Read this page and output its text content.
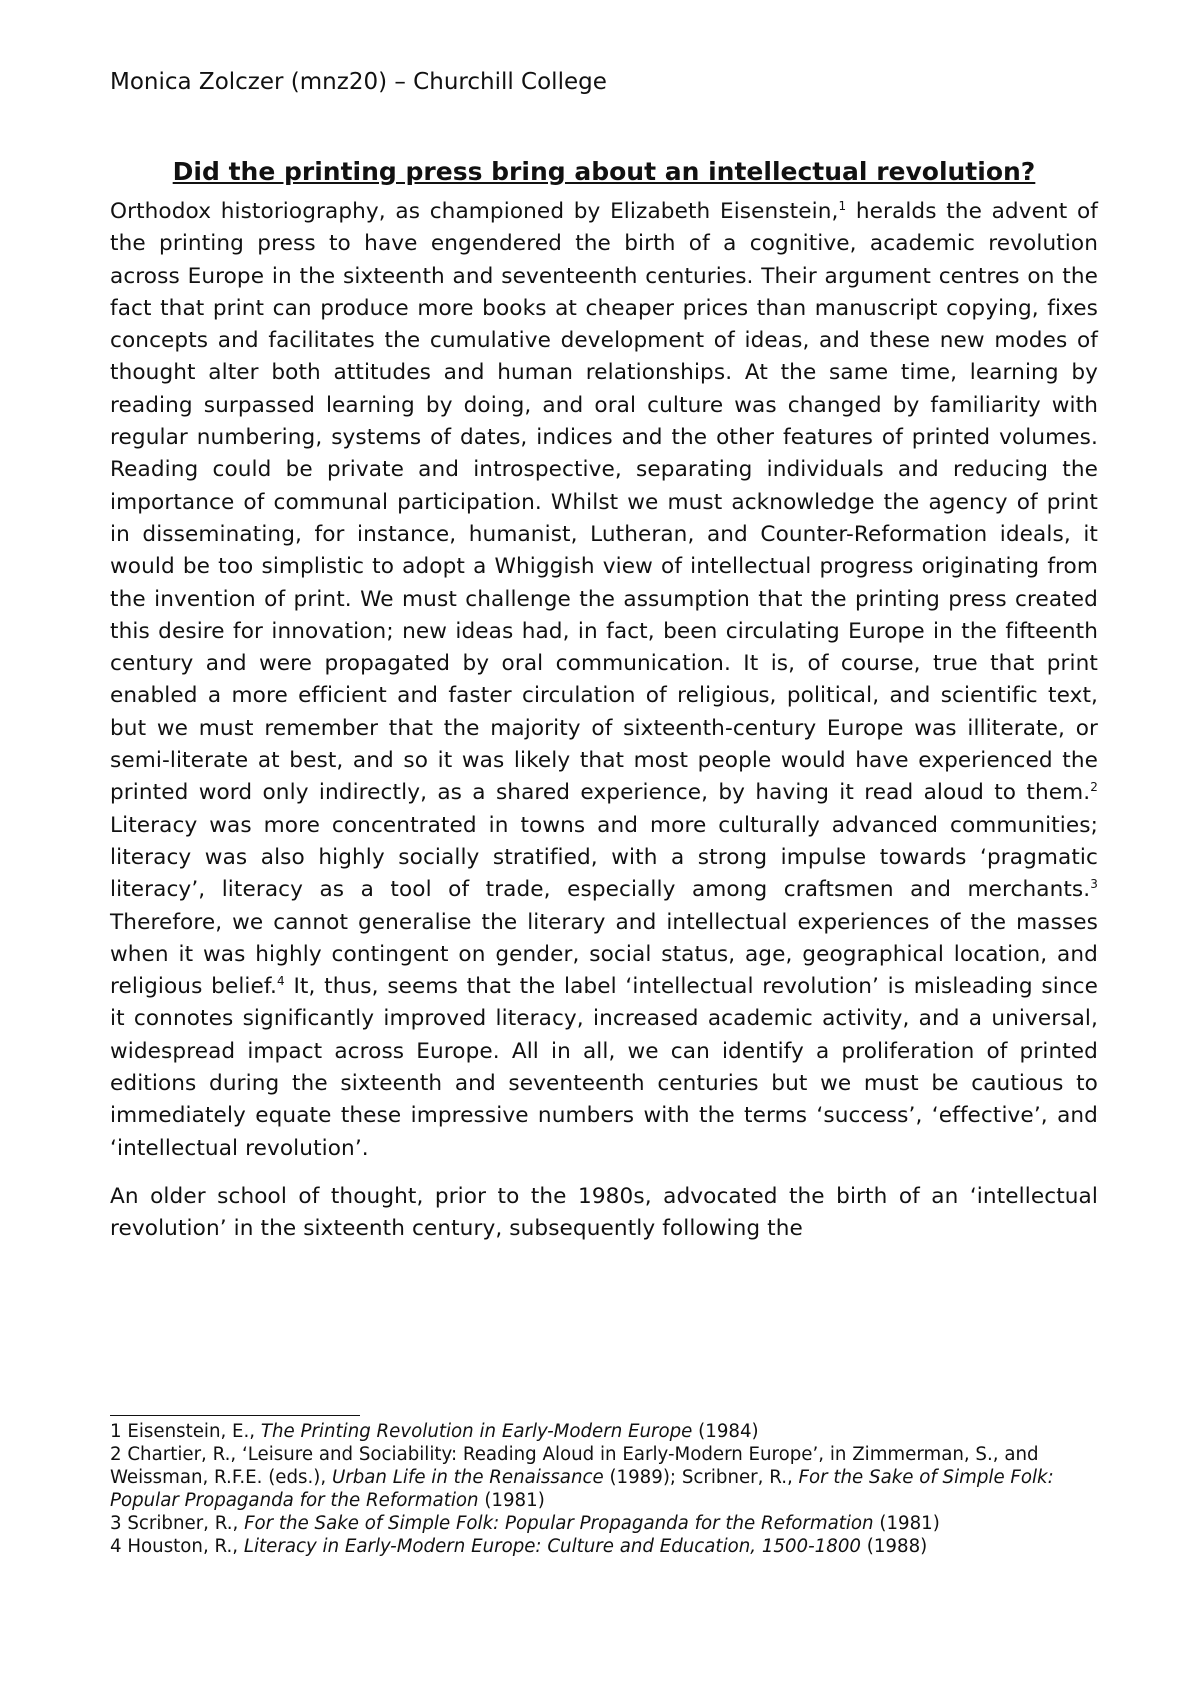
Monica Zolczer (mnz20) – Churchill College

Did the printing press bring about an intellectual revolution?

Orthodox historiography, as championed by Elizabeth Eisenstein,$^1$ heralds the advent of the printing press to have engendered the birth of a cognitive, academic revolution across Europe in the sixteenth and seventeenth centuries. Their argument centres on the fact that print can produce more books at cheaper prices than manuscript copying, fixes concepts and facilitates the cumulative development of ideas, and these new modes of thought alter both attitudes and human relationships. At the same time, learning by reading surpassed learning by doing, and oral culture was changed by familiarity with regular numbering, systems of dates, indices and the other features of printed volumes. Reading could be private and introspective, separating individuals and reducing the importance of communal participation. Whilst we must acknowledge the agency of print in disseminating, for instance, humanist, Lutheran, and Counter-Reformation ideals, it would be too simplistic to adopt a Whiggish view of intellectual progress originating from the invention of print. We must challenge the assumption that the printing press created this desire for innovation; new ideas had, in fact, been circulating Europe in the fifteenth century and were propagated by oral communication. It is, of course, true that print enabled a more efficient and faster circulation of religious, political, and scientific text, but we must remember that the majority of sixteenth-century Europe was illiterate, or semi-literate at best, and so it was likely that most people would have experienced the printed word only indirectly, as a shared experience, by having it read aloud to them.$^2$ Literacy was more concentrated in towns and more culturally advanced communities; literacy was also highly socially stratified, with a strong impulse towards ‘pragmatic literacy’, literacy as a tool of trade, especially among craftsmen and merchants.$^3$ Therefore, we cannot generalise the literary and intellectual experiences of the masses when it was highly contingent on gender, social status, age, geographical location, and religious belief.$^4$ It, thus, seems that the label ‘intellectual revolution’ is misleading since it connotes significantly improved literacy, increased academic activity, and a universal, widespread impact across Europe. All in all, we can identify a proliferation of printed editions during the sixteenth and seventeenth centuries but we must be cautious to immediately equate these impressive numbers with the terms ‘success’, ‘effective’, and ‘intellectual revolution’.

An older school of thought, prior to the 1980s, advocated the birth of an ‘intellectual revolution’ in the sixteenth century, subsequently following the

1 Eisenstein, E., The Printing Revolution in Early-Modern Europe (1984)

2 Chartier, R., ‘Leisure and Sociability: Reading Aloud in Early-Modern Europe’, in Zimmerman, S., and Weissman, R.F.E. (eds.), Urban Life in the Renaissance (1989); Scribner, R., For the Sake of Simple Folk: Popular Propaganda for the Reformation (1981)

3 Scribner, R., For the Sake of Simple Folk: Popular Propaganda for the Reformation (1981)

4 Houston, R., Literacy in Early-Modern Europe: Culture and Education, 1500-1800 (1988)
